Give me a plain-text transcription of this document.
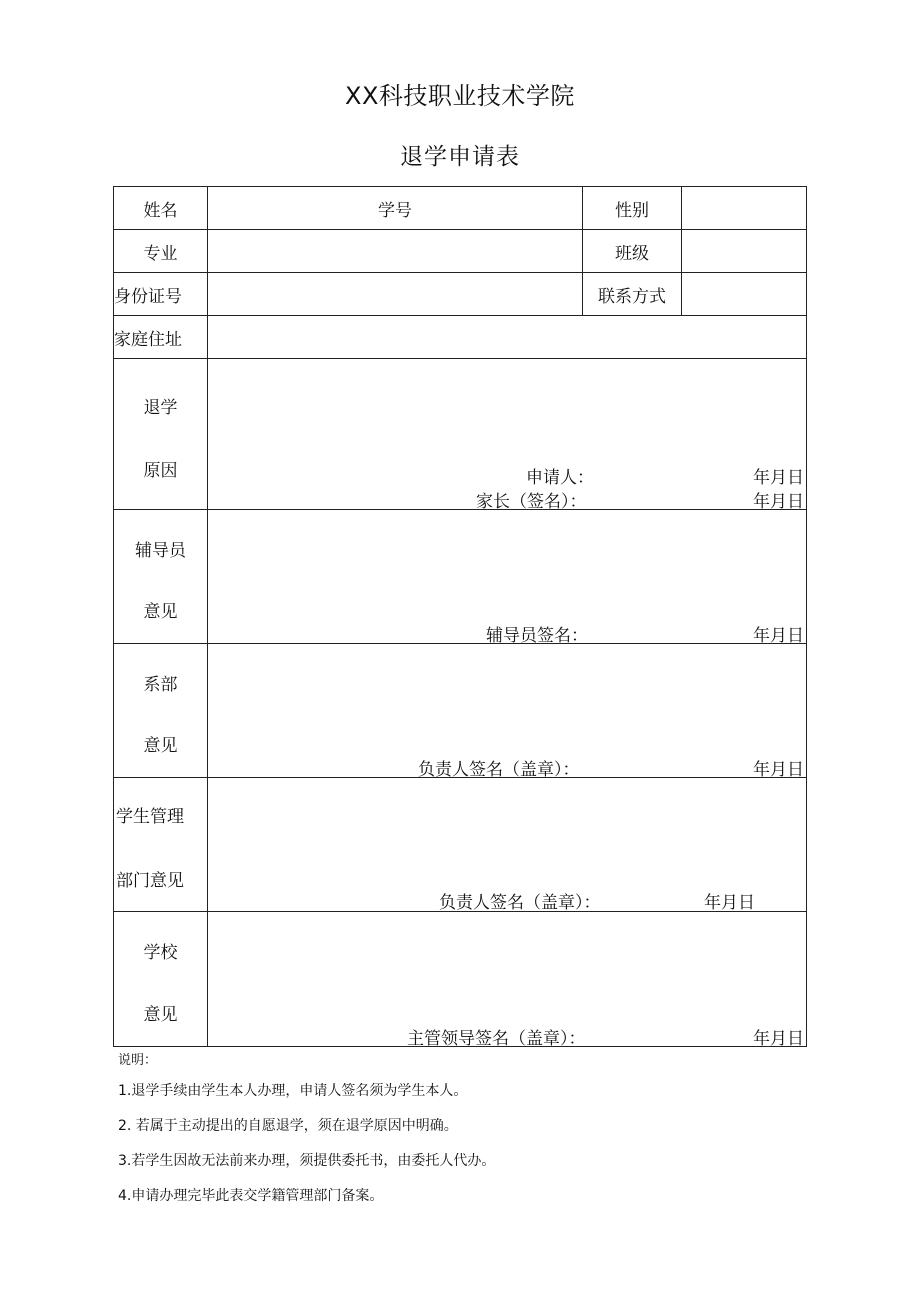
XX科技职业技术学院
退学申请表
姓名	学号	性别	
专业		班级	
身份证号		联系方式	
家庭住址			

退学
原因	申请人： 年月日
家长（签名）： 年月日		

辅导员
意见	辅导员签名： 年月日		

系部
意见	负责人签名（盖章）： 年月日		

学生管理
部门意见	负责人签名（盖章）： 年月日		

学校
意见	主管领导签名（盖章）： 年月日		
说明：
1.退学手续由学生本人办理，申请人签名须为学生本人。
2. 若属于主动提出的自愿退学，须在退学原因中明确。
3.若学生因故无法前来办理，须提供委托书，由委托人代办。
4.申请办理完毕此表交学籍管理部门备案。
